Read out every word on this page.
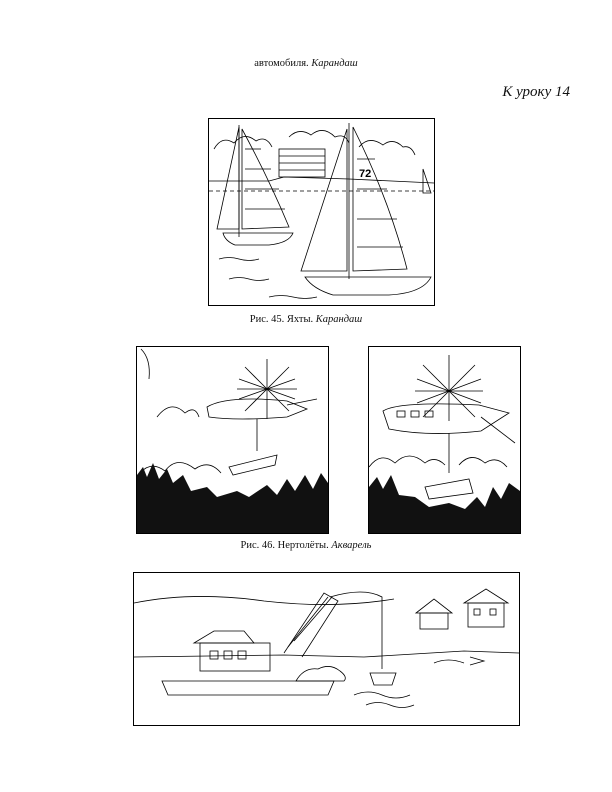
автомобиля. Карандаш
К уроку 14
72
Рис. 45. Яхты. Карандаш
Рис. 46. Нертолёты. Акварель
